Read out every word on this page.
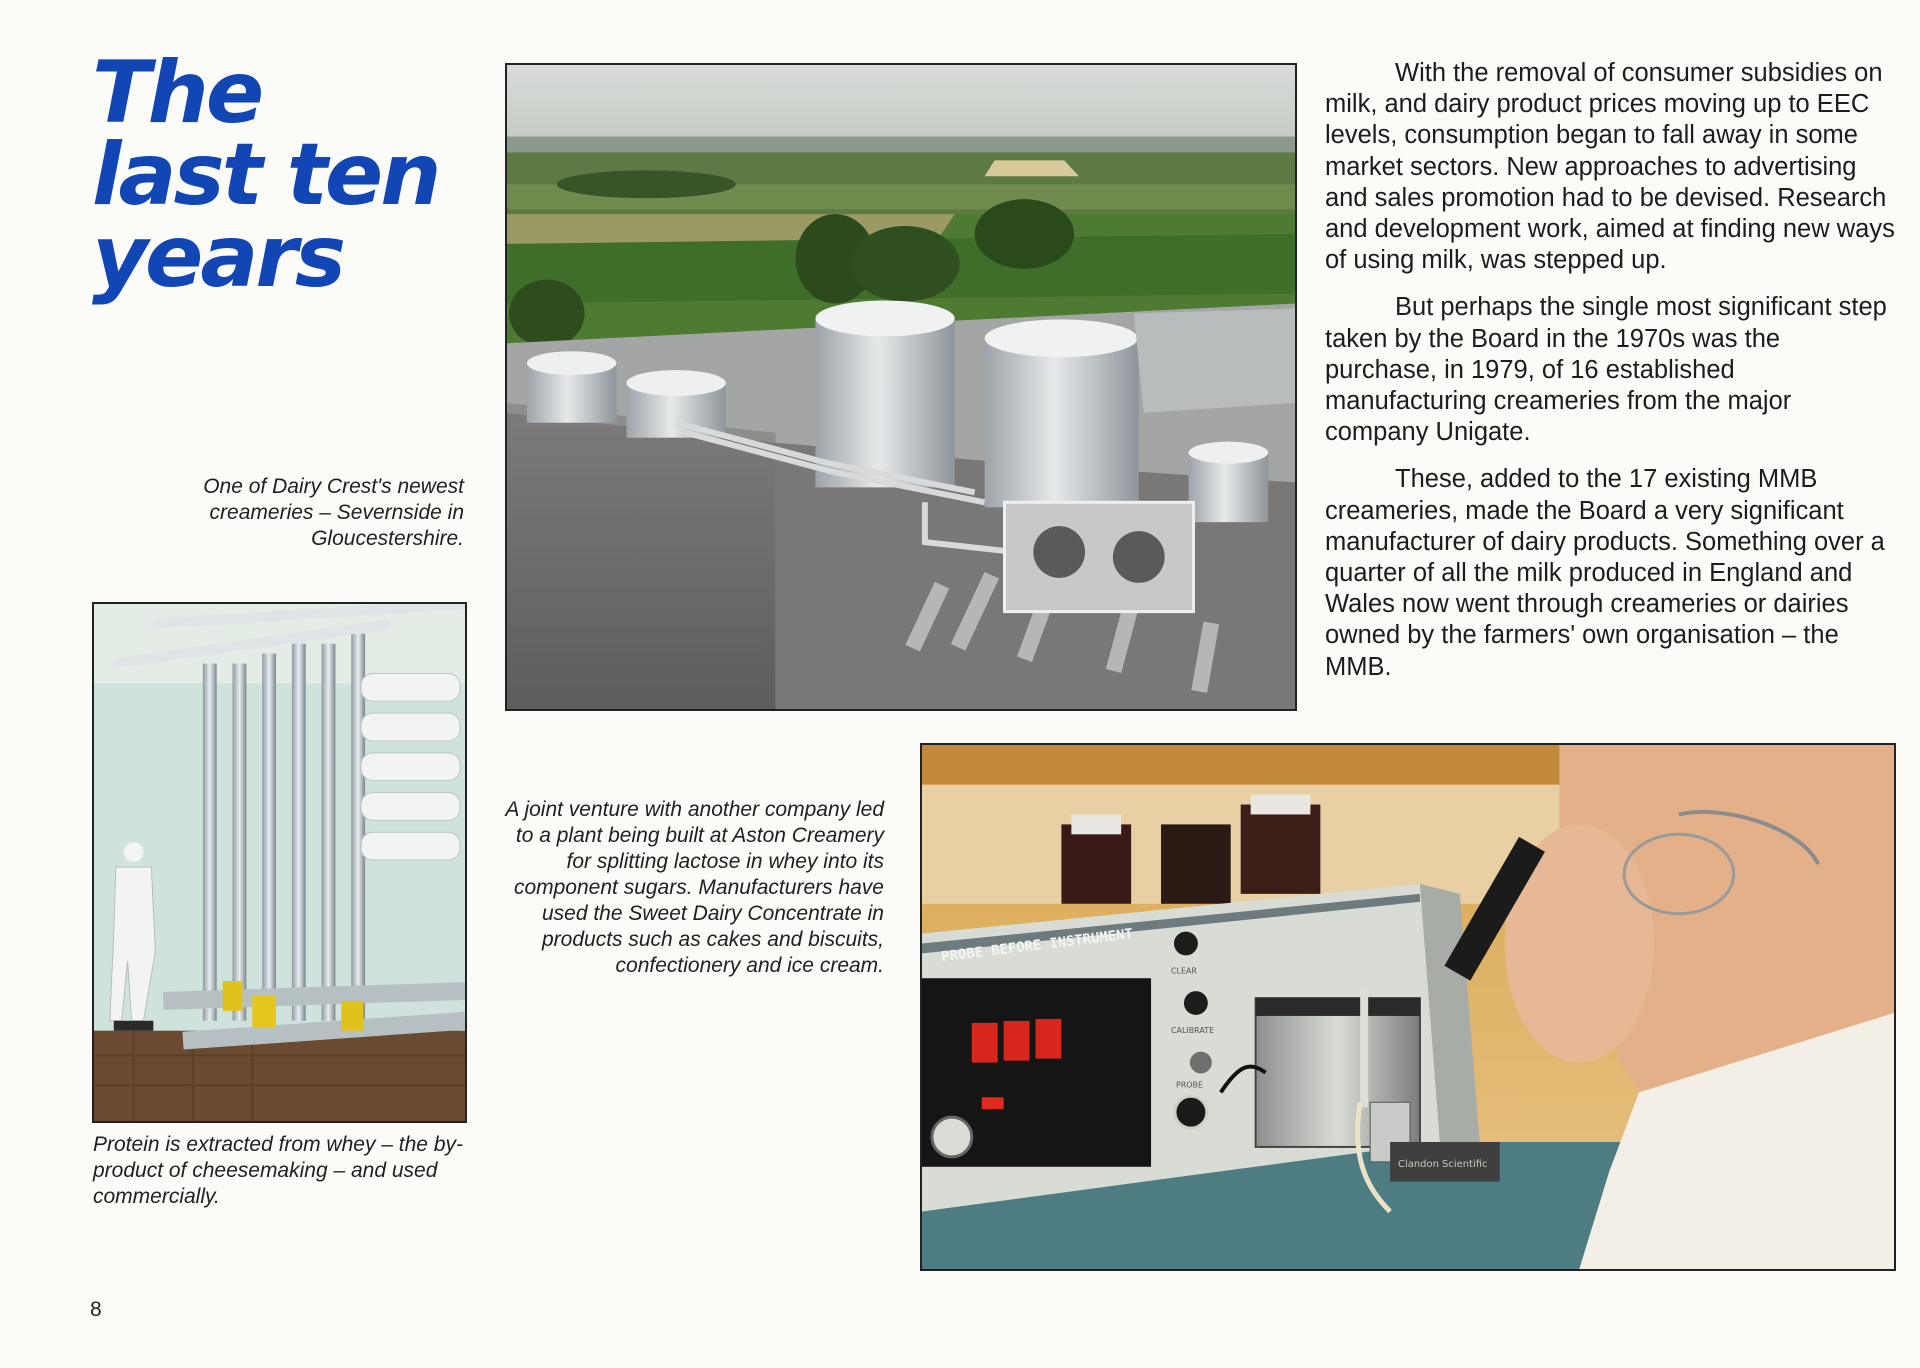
The
last ten
years

One of Dairy Crest's newest creameries – Severnside in Gloucestershire.

Protein is extracted from whey – the by-product of cheesemaking – and used commercially.

A joint venture with another company led to a plant being built at Aston Creamery for splitting lactose in whey into its component sugars. Manufacturers have used the Sweet Dairy Concentrate in products such as cakes and biscuits, confectionery and ice cream.

PROBE BEFORE INSTRUMENT
CLEAR
CALIBRATE
PROBE
Clandon Scientific

With the removal of consumer subsidies on milk, and dairy product prices moving up to EEC levels, consumption began to fall away in some market sectors. New approaches to advertising and sales promotion had to be devised. Research and development work, aimed at finding new ways of using milk, was stepped up.

But perhaps the single most significant step taken by the Board in the 1970s was the purchase, in 1979, of 16 established manufacturing creameries from the major company Unigate.

These, added to the 17 existing MMB creameries, made the Board a very significant manufacturer of dairy products. Something over a quarter of all the milk produced in England and Wales now went through creameries or dairies owned by the farmers' own organisation – the MMB.

8
